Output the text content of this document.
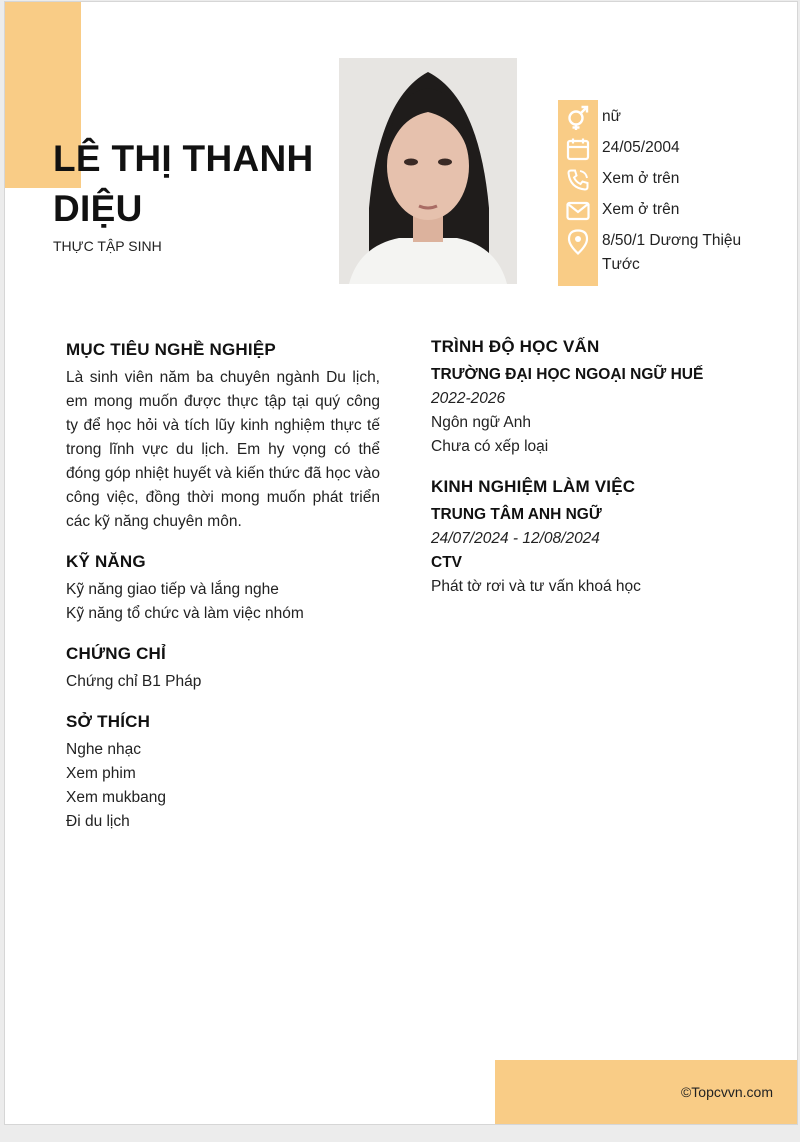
LÊ THỊ THANH DIỆU
THỰC TẬP SINH
nữ
24/05/2004
Xem ở trên
Xem ở trên
8/50/1 Dương Thiệu Tước
MỤC TIÊU NGHỀ NGHIỆP
Là sinh viên năm ba chuyên ngành Du lịch, em mong muốn được thực tập tại quý công ty để học hỏi và tích lũy kinh nghiệm thực tế trong lĩnh vực du lịch. Em hy vọng có thể đóng góp nhiệt huyết và kiến thức đã học vào công việc, đồng thời mong muốn phát triển các kỹ năng chuyên môn.
KỸ NĂNG
Kỹ năng giao tiếp và lắng nghe
Kỹ năng tổ chức và làm việc nhóm
CHỨNG CHỈ
Chứng chỉ B1 Pháp
SỞ THÍCH
Nghe nhạc
Xem phim
Xem mukbang
Đi du lịch
TRÌNH ĐỘ HỌC VẤN
TRƯỜNG ĐẠI HỌC NGOẠI NGỮ HUẾ
2022-2026
Ngôn ngữ Anh
Chưa có xếp loại
KINH NGHIỆM LÀM VIỆC
TRUNG TÂM ANH NGỮ
24/07/2024 - 12/08/2024
CTV
Phát tờ rơi và tư vấn khoá học
©Topcvvn.com
